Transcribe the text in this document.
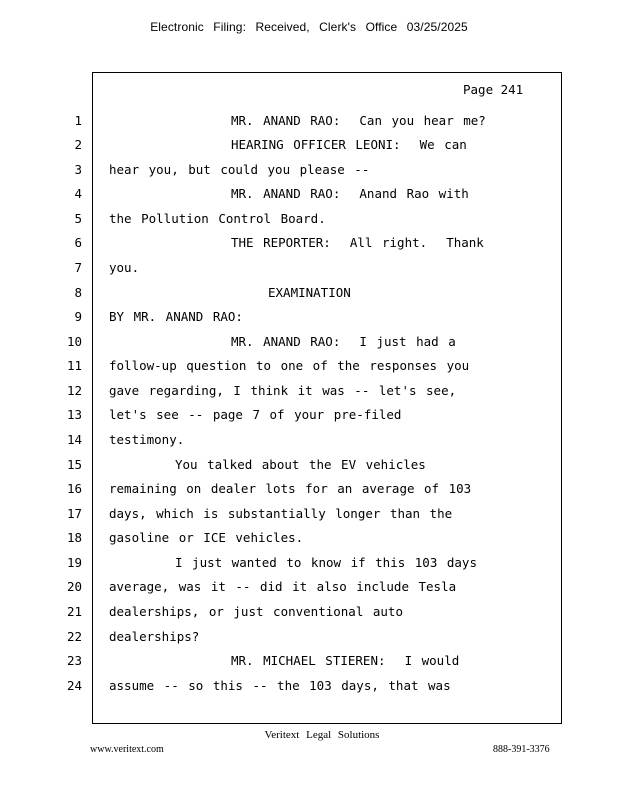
Electronic Filing: Received, Clerk's Office 03/25/2025
Page 241
1	MR. ANAND RAO:  Can you hear me?
2	HEARING OFFICER LEONI:  We can
3 hear you, but could you please --
4	MR. ANAND RAO:  Anand Rao with
5 the Pollution Control Board.
6	THE REPORTER:  All right.  Thank
7 you.
8	EXAMINATION
9 BY MR. ANAND RAO:
10	MR. ANAND RAO:  I just had a
11 follow-up question to one of the responses you
12 gave regarding, I think it was -- let's see,
13 let's see -- page 7 of your pre-filed
14 testimony.
15	You talked about the EV vehicles
16 remaining on dealer lots for an average of 103
17 days, which is substantially longer than the
18 gasoline or ICE vehicles.
19	I just wanted to know if this 103 days
20 average, was it -- did it also include Tesla
21 dealerships, or just conventional auto
22 dealerships?
23	MR. MICHAEL STIEREN:  I would
24 assume -- so this -- the 103 days, that was
Veritext Legal Solutions
www.veritext.com	888-391-3376
